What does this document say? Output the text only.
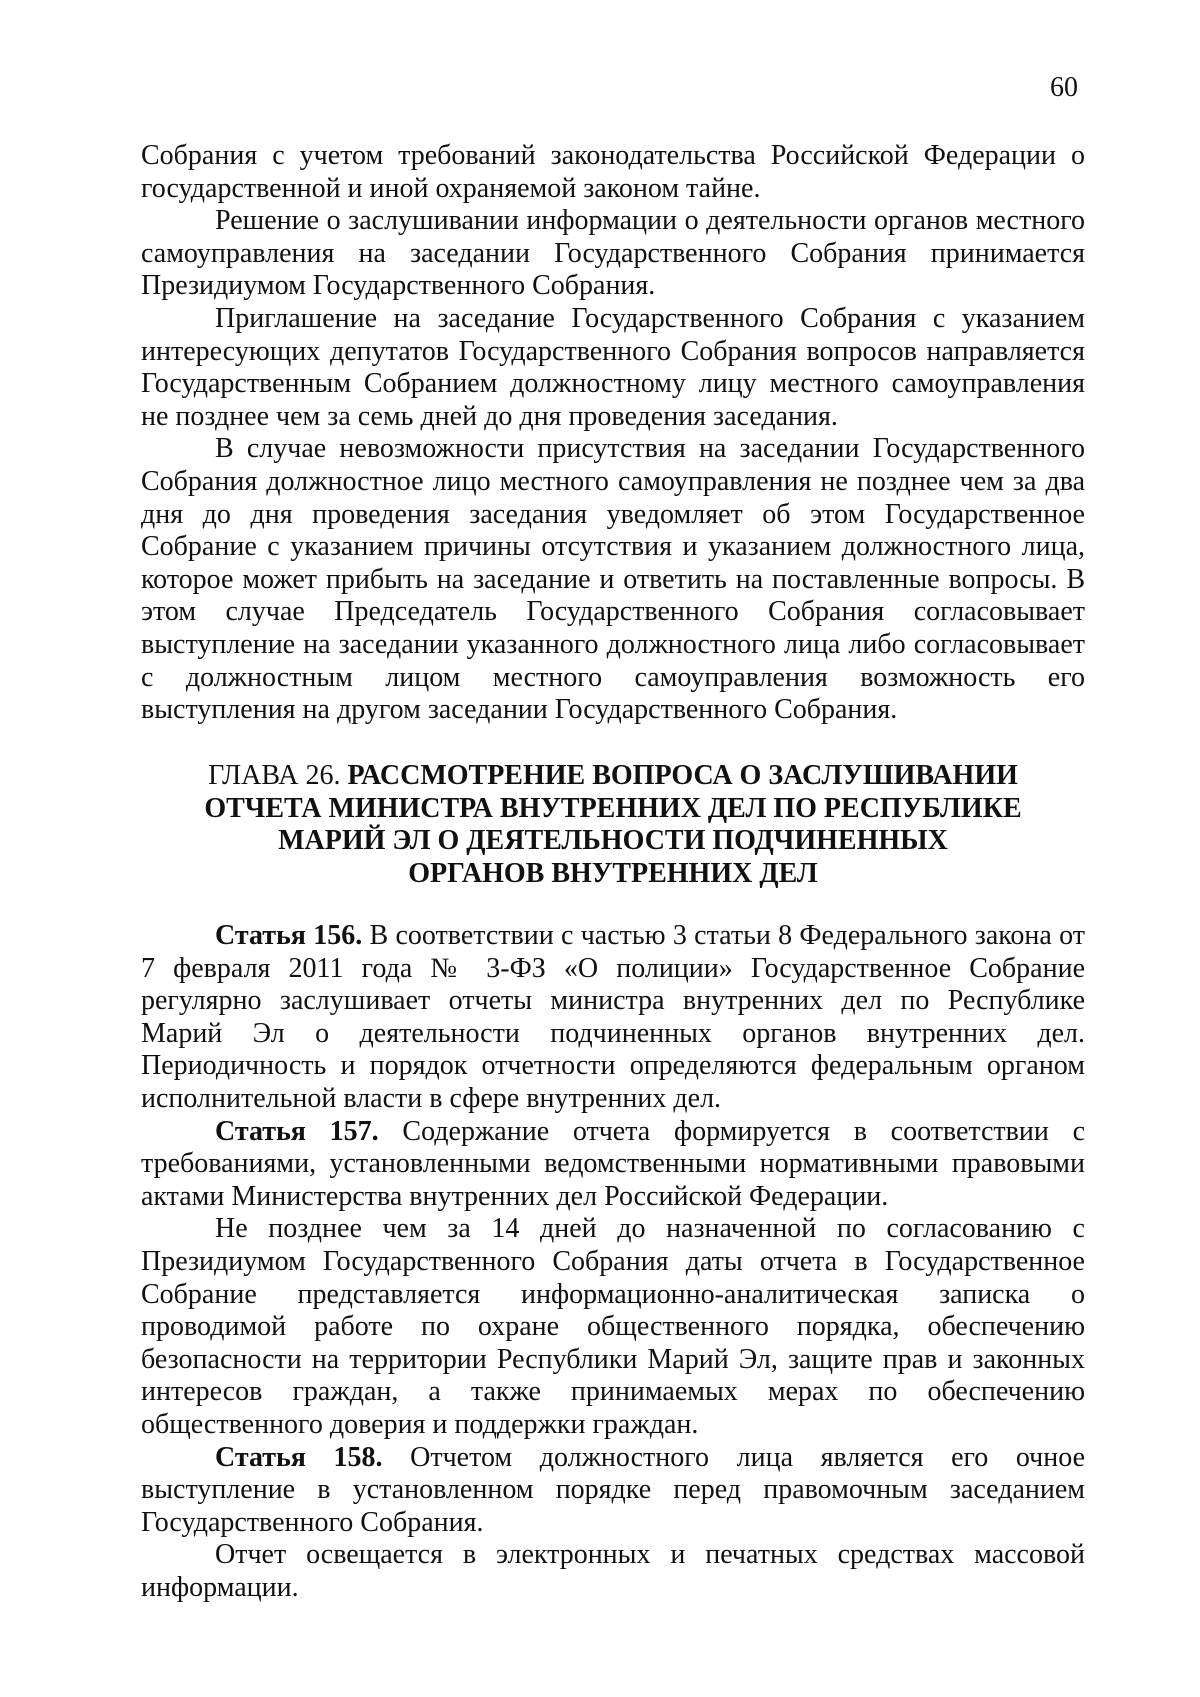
60

Собрания с учетом требований законодательства Российской Федерации о государственной и иной охраняемой законом тайне.

Решение о заслушивании информации о деятельности органов местного самоуправления на заседании Государственного Собрания принимается Президиумом Государственного Собрания.

Приглашение на заседание Государственного Собрания с указанием интересующих депутатов Государственного Собрания вопросов направляется Государственным Собранием должностному лицу местного самоуправления не позднее чем за семь дней до дня проведения заседания.

В случае невозможности присутствия на заседании Государственного Собрания должностное лицо местного самоуправления не позднее чем за два дня до дня проведения заседания уведомляет об этом Государственное Собрание с указанием причины отсутствия и указанием должностного лица, которое может прибыть на заседание и ответить на поставленные вопросы. В этом случае Председатель Государственного Собрания согласовывает выступление на заседании указанного должностного лица либо согласовывает с должностным лицом местного самоуправления возможность его выступления на другом заседании Государственного Собрания.

ГЛАВА 26. РАССМОТРЕНИЕ ВОПРОСА О ЗАСЛУШИВАНИИ
ОТЧЕТА МИНИСТРА ВНУТРЕННИХ ДЕЛ ПО РЕСПУБЛИКЕ
МАРИЙ ЭЛ О ДЕЯТЕЛЬНОСТИ ПОДЧИНЕННЫХ
ОРГАНОВ ВНУТРЕННИХ ДЕЛ

Статья 156. В соответствии с частью 3 статьи 8 Федерального закона от 7 февраля 2011 года № 3-ФЗ «О полиции» Государственное Собрание регулярно заслушивает отчеты министра внутренних дел по Республике Марий Эл о деятельности подчиненных органов внутренних дел. Периодичность и порядок отчетности определяются федеральным органом исполнительной власти в сфере внутренних дел.

Статья 157. Содержание отчета формируется в соответствии с требованиями, установленными ведомственными нормативными правовыми актами Министерства внутренних дел Российской Федерации.

Не позднее чем за 14 дней до назначенной по согласованию с Президиумом Государственного Собрания даты отчета в Государственное Собрание представляется информационно-аналитическая записка о проводимой работе по охране общественного порядка, обеспечению безопасности на территории Республики Марий Эл, защите прав и законных интересов граждан, а также принимаемых мерах по обеспечению общественного доверия и поддержки граждан.

Статья 158. Отчетом должностного лица является его очное выступление в установленном порядке перед правомочным заседанием Государственного Собрания.

Отчет освещается в электронных и печатных средствах массовой информации.
